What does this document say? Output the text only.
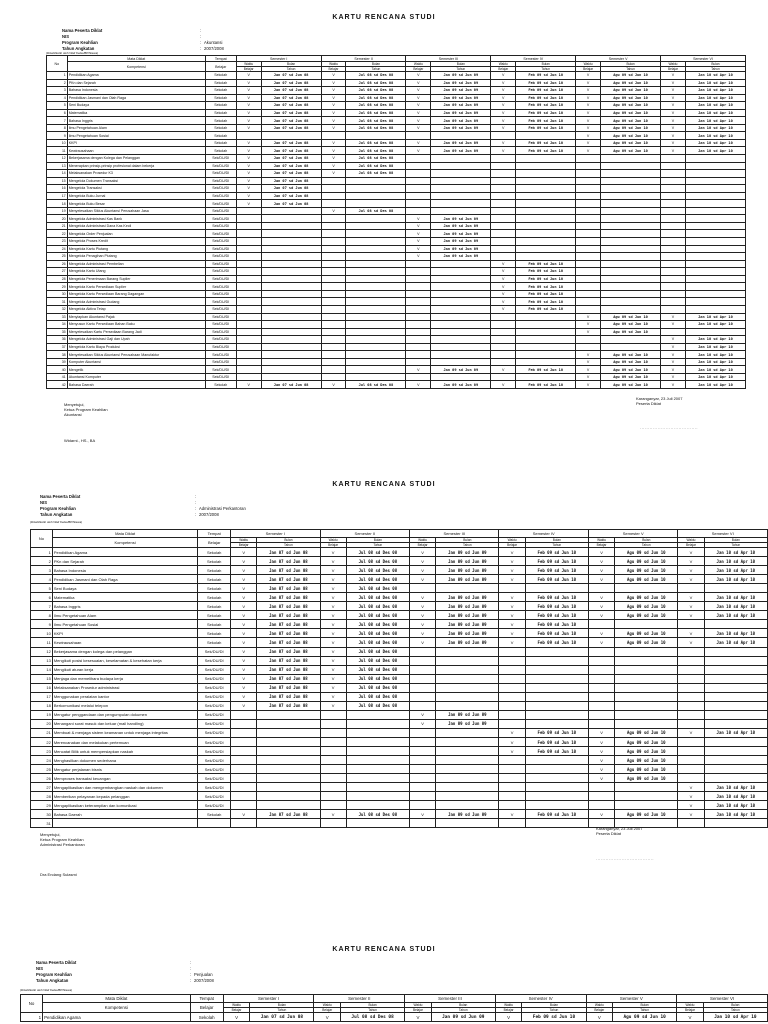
KARTU RENCANA STUDI
Nama Peserta Diklat	:
NIS	:
Program Keahlian	: Akuntansi
Tahun Angkatan	: 2007/2008
(Diisi/diketik oleh Wali Kelas/BP/Siswa)
No	Mata Diklat	Tempat	Semester I		Semester II		Semester III		Semester IV		Semester V		Semester VI	
	Kompetensi	Belajar	Waktu	Bulan	Waktu	Bulan	Waktu	Bulan	Waktu	Bulan	Waktu	Bulan	Waktu	Bulan
			Belajar	Tahun	Belajar	Tahun	Belajar	Tahun	Belajar	Tahun	Belajar	Tahun	Belajar	Tahun
1	Pendidikan Agama	Sekolah	V	Jan 07 sd Jun 08	V	Jul 08 sd Des 08	V	Jan 09 sd Jun 09	V	Feb 09 sd Jun 10	V	Agu 09 sd Jun 10	V	Jan 10 sd Apr 10
2	PKn dan Sejarah	Sekolah	V	Jan 07 sd Jun 08	V	Jul 08 sd Des 08	V	Jan 09 sd Jun 09	V	Feb 09 sd Jun 10	V	Agu 09 sd Jun 10	V	Jan 10 sd Apr 10
3	Bahasa Indonesia	Sekolah	V	Jan 07 sd Jun 08	V	Jul 08 sd Des 08	V	Jan 09 sd Jun 09	V	Feb 09 sd Jun 10	V	Agu 09 sd Jun 10	V	Jan 10 sd Apr 10
4	Pendidikan Jasmani dan Olah Raga	Sekolah	V	Jan 07 sd Jun 08	V	Jul 08 sd Des 08	V	Jan 09 sd Jun 09	V	Feb 09 sd Jun 10	V	Agu 09 sd Jun 10	V	Jan 10 sd Apr 10
5	Seni Budaya	Sekolah	V	Jan 07 sd Jun 08	V	Jul 08 sd Des 08	V	Jan 09 sd Jun 09	V	Feb 09 sd Jun 10	V	Agu 09 sd Jun 10	V	Jan 10 sd Apr 10
6	Matematika	Sekolah	V	Jan 07 sd Jun 08	V	Jul 08 sd Des 08	V	Jan 09 sd Jun 09	V	Feb 09 sd Jun 10	V	Agu 09 sd Jun 10	V	Jan 10 sd Apr 10
7	Bahasa Inggris	Sekolah	V	Jan 07 sd Jun 08	V	Jul 08 sd Des 08	V	Jan 09 sd Jun 09	V	Feb 09 sd Jun 10	V	Agu 09 sd Jun 10	V	Jan 10 sd Apr 10
8	Ilmu Pengetahuan Alam	Sekolah	V	Jan 07 sd Jun 08	V	Jul 08 sd Des 08	V	Jan 09 sd Jun 09	V	Feb 09 sd Jun 10	V	Agu 09 sd Jun 10	V	Jan 10 sd Apr 10
9	Ilmu Pengetahuan Sosial	Sekolah									V	Agu 09 sd Jun 10	V	Jan 10 sd Apr 10
10	KKPI	Sekolah	V	Jan 07 sd Jun 08	V	Jul 08 sd Des 08	V	Jan 09 sd Jun 09	V	Feb 09 sd Jun 10	V	Agu 09 sd Jun 10	V	Jan 10 sd Apr 10
11	Kewirausahaan	Sekolah	V	Jan 07 sd Jun 08	V	Jul 08 sd Des 08	V	Jan 09 sd Jun 09	V	Feb 09 sd Jun 10	V	Agu 09 sd Jun 10	V	Jan 10 sd Apr 10
12	Bekerjasama dengan Kolega dan Pelanggan	Sek/DU/DI	V	Jan 07 sd Jun 08	V	Jul 08 sd Des 08								
13	Menerapkan prinsip-prinsip profesional dalam bekerja	Sek/DU/DI	V	Jan 07 sd Jun 08	V	Jul 08 sd Des 08								
14	Melaksanakan Prosedur K3	Sek/DU/DI	V	Jan 07 sd Jun 08	V	Jul 08 sd Des 08								
15	Mengelola Dokumen Transaksi	Sek/DU/DI	V	Jan 07 sd Jun 08										
16	Mengelola Transaksi	Sek/DU/DI	V	Jan 07 sd Jun 08										
17	Mengelola Buku Jurnal	Sek/DU/DI	V	Jan 07 sd Jun 08										
18	Mengelola Buku Besar	Sek/DU/DI	V	Jan 07 sd Jun 08										
19	Menyelesaikan Siklus Akuntansi Perusahaan Jasa	Sek/DU/DI			V	Jul 08 sd Des 08								
20	Mengelola Administrasi Kas Bank	Sek/DU/DI					V	Jan 09 sd Jun 09						
21	Mengelola Administrasi Dana Kas Kecil	Sek/DU/DI					V	Jan 09 sd Jun 09						
22	Mengelola Order Penjualan	Sek/DU/DI					V	Jan 09 sd Jun 09						
23	Mengelola Proses Kredit	Sek/DU/DI					V	Jan 09 sd Jun 09						
24	Mengelola Kartu Piutang	Sek/DU/DI					V	Jan 09 sd Jun 09						
25	Mengelola Penagihan Piutang	Sek/DU/DI					V	Jan 09 sd Jun 09						
26	Mengelola Administrasi Pembelian	Sek/DU/DI							V	Feb 09 sd Jun 10				
27	Mengelola Kartu Utang	Sek/DU/DI							V	Feb 09 sd Jun 10				
28	Mengelola Penerimaan Barang Suplier	Sek/DU/DI							V	Feb 09 sd Jun 10				
29	Mengelola Kartu Persediaan Suplier	Sek/DU/DI							V	Feb 09 sd Jun 10				
30	Mengelola Kartu Persediaan Barang Dagangan	Sek/DU/DI							V	Feb 09 sd Jun 10				
31	Mengelola Administrasi Gudang	Sek/DU/DI							V	Feb 09 sd Jun 10				
32	Mengelola Aktiva Tetap	Sek/DU/DI							V	Feb 09 sd Jun 10				
33	Menyiapkan Akuntansi Pajak	Sek/DU/DI									V	Agu 09 sd Jun 10	V	Jan 10 sd Apr 10
34	Menyusun Kartu Persediaan Bahan Baku	Sek/DU/DI									V	Agu 09 sd Jun 10	V	Jan 10 sd Apr 10
35	Menyelesaikan Kartu Persediaan Barang Jadi	Sek/DU/DI									V	Agu 09 sd Jun 10		
36	Mengelola Administrasi Gaji dan Upah	Sek/DU/DI											V	Jan 10 sd Apr 10
37	Mengelola Kartu Biaya Produksi	Sek/DU/DI											V	Jan 10 sd Apr 10
38	Menyelesaikan Siklus Akuntansi Perusahaan Manufaktur	Sek/DU/DI									V	Agu 09 sd Jun 10	V	Jan 10 sd Apr 10
39	Komputer Akuntansi	Sek/DU/DI									V	Agu 09 sd Jun 10	V	Jan 10 sd Apr 10
40	Mengetik	Sek/DU/DI					V	Jan 09 sd Jun 09	V	Feb 09 sd Jun 10	V	Agu 09 sd Jun 10	V	Jan 10 sd Apr 10
41	Akuntansi Komputer	Sek/DU/DI									V	Agu 09 sd Jun 10	V	Jan 10 sd Apr 10
42	Bahasa Daerah	Sekolah	V	Jan 07 sd Jun 08	V	Jul 08 sd Des 08	V	Jan 09 sd Jun 09	V	Feb 09 sd Jun 10	V	Agu 09 sd Jun 10	V	Jan 10 sd Apr 10
Menyetujui,
Ketua Program Keahlian
Akuntansi
Widarni., HS., BA
Karanganyar, 23 Juli 2007
Peserta Diklat
....................................
KARTU RENCANA STUDI
Nama Peserta Diklat	:
NIS	:
Program Keahlian	: Administrasi Perkantoran
Tahun Angkatan	: 2007/2008
(Diisi/diketik oleh Wali Kelas/BP/Siswa)
No	Mata Diklat	Tempat	Semester I		Semester II		Semester III		Semester IV		Semester V		Semester VI	
	Kompetensi	Belajar	Waktu	Bulan	Waktu	Bulan	Waktu	Bulan	Waktu	Bulan	Waktu	Bulan	Waktu	Bulan
			Belajar	Tahun	Belajar	Tahun	Belajar	Tahun	Belajar	Tahun	Belajar	Tahun	Belajar	Tahun
1	Pendidikan Agama	Sekolah	V	Jan 07 sd Jun 08	V	Jul 08 sd Des 08	V	Jan 09 sd Jun 09	V	Feb 09 sd Jun 10	V	Agu 09 sd Jun 10	V	Jan 10 sd Apr 10
2	PKn dan Sejarah	Sekolah	V	Jan 07 sd Jun 08	V	Jul 08 sd Des 08	V	Jan 09 sd Jun 09	V	Feb 09 sd Jun 10	V	Agu 09 sd Jun 10	V	Jan 10 sd Apr 10
3	Bahasa Indonesia	Sekolah	V	Jan 07 sd Jun 08	V	Jul 08 sd Des 08	V	Jan 09 sd Jun 09	V	Feb 09 sd Jun 10	V	Agu 09 sd Jun 10	V	Jan 10 sd Apr 10
4	Pendidikan Jasmani dan Olah Raga	Sekolah	V	Jan 07 sd Jun 08	V	Jul 08 sd Des 08	V	Jan 09 sd Jun 09	V	Feb 09 sd Jun 10	V	Agu 09 sd Jun 10	V	Jan 10 sd Apr 10
5	Seni Budaya	Sekolah	V	Jan 07 sd Jun 08	V	Jul 08 sd Des 08								
6	Matematika	Sekolah	V	Jan 07 sd Jun 08	V	Jul 08 sd Des 08	V	Jan 09 sd Jun 09	V	Feb 09 sd Jun 10	V	Agu 09 sd Jun 10	V	Jan 10 sd Apr 10
7	Bahasa Inggris	Sekolah	V	Jan 07 sd Jun 08	V	Jul 08 sd Des 08	V	Jan 09 sd Jun 09	V	Feb 09 sd Jun 10	V	Agu 09 sd Jun 10	V	Jan 10 sd Apr 10
8	Ilmu Pengetahuan Alam	Sekolah	V	Jan 07 sd Jun 08	V	Jul 08 sd Des 08	V	Jan 09 sd Jun 09	V	Feb 09 sd Jun 10	V	Agu 09 sd Jun 10	V	Jan 10 sd Apr 10
9	Ilmu Pengetahuan Sosial	Sekolah	V	Jan 07 sd Jun 08	V	Jul 08 sd Des 08	V	Jan 09 sd Jun 09	V	Feb 09 sd Jun 10				
10	KKPI	Sekolah	V	Jan 07 sd Jun 08	V	Jul 08 sd Des 08	V	Jan 09 sd Jun 09	V	Feb 09 sd Jun 10	V	Agu 09 sd Jun 10	V	Jan 10 sd Apr 10
11	Kewirausahaan	Sekolah	V	Jan 07 sd Jun 08	V	Jul 08 sd Des 08	V	Jan 09 sd Jun 09	V	Feb 09 sd Jun 10	V	Agu 09 sd Jun 10	V	Jan 10 sd Apr 10
12	Bekerjasama dengan kolega dan pelanggan	Sek/DU/DI	V	Jan 07 sd Jun 08	V	Jul 08 sd Des 08								
13	Mengikuti posisi kesesuaian, keselamatan & kesehatan kerja	Sek/DU/DI	V	Jan 07 sd Jun 08	V	Jul 08 sd Des 08								
14	Mengikuti aturan kerja	Sek/DU/DI	V	Jan 07 sd Jun 08	V	Jul 08 sd Des 08								
15	Menjaga dan memelihara budaya kerja	Sek/DU/DI	V	Jan 07 sd Jun 08	V	Jul 08 sd Des 08								
16	Melaksanakan Prosedur administrasi	Sek/DU/DI	V	Jan 07 sd Jun 08	V	Jul 08 sd Des 08								
17	Menggunakan peralatan kantor	Sek/DU/DI	V	Jan 07 sd Jun 08	V	Jul 08 sd Des 08								
18	Berkomunikasi melalui telepon	Sek/DU/DI	V	Jan 07 sd Jun 08	V	Jul 08 sd Des 08								
19	Mengatur penggandaan dan pengumpulan dokumen	Sek/DU/DI					V	Jan 09 sd Jun 09						
20	Menangani surat masuk dan keluar (mail handling)	Sek/DU/DI					V	Jan 09 sd Jun 09						
21	Membuat & menjaga sistem keamanan untuk menjaga integritas	Sek/DU/DI							V	Feb 09 sd Jun 10	V	Agu 09 sd Jun 10	V	Jan 10 sd Apr 10
22	Merencanakan dan melakukan pertemuan	Sek/DU/DI							V	Feb 09 sd Jun 10	V	Agu 09 sd Jun 10		
23	Mencatat Bilik untuk mempersiapkan naskah	Sek/DU/DI							V	Feb 09 sd Jun 10	V	Agu 09 sd Jun 10		
24	Menghasilkan dokumen sederhana	Sek/DU/DI									V	Agu 09 sd Jun 10		
25	Mengatur perjalanan bisnis	Sek/DU/DI									V	Agu 09 sd Jun 10		
26	Memproses transaksi keuangan	Sek/DU/DI									V	Agu 09 sd Jun 10		
27	Mengaplikasikan dan mengembangkan naskah dan dokumen	Sek/DU/DI											V	Jan 10 sd Apr 10
28	Memberikan pelayanan kepada pelanggan	Sek/DU/DI											V	Jan 10 sd Apr 10
29	Mengaplikasikan keterampilan dan komunikasi	Sek/DU/DI											V	Jan 10 sd Apr 10
30	Bahasa Daerah	Sekolah	V	Jan 07 sd Jun 08	V	Jul 08 sd Des 08	V	Jan 09 sd Jun 09	V	Feb 09 sd Jun 10	V	Agu 09 sd Jun 10	V	Jan 10 sd Apr 10
31														
Menyetujui,
Ketua Program Keahlian
Administrasi Perkantoran
Dra Endang Sulasmi
Karanganyar, 23 Juli 2007
Peserta Diklat
....................................
KARTU RENCANA STUDI
Nama Peserta Diklat	:
NIS	:
Program Keahlian	: Penjualan
Tahun Angkatan	: 2007/2008
(Diisi/diketik oleh Wali Kelas/BP/Siswa)
No	Mata Diklat	Tempat	Semester I		Semester II		Semester III		Semester IV		Semester V		Semester VI	
	Kompetensi	Belajar	Waktu	Bulan	Waktu	Bulan	Waktu	Bulan	Waktu	Bulan	Waktu	Bulan	Waktu	Bulan
			Belajar	Tahun	Belajar	Tahun	Belajar	Tahun	Belajar	Tahun	Belajar	Tahun	Belajar	Tahun
1	Pendidikan Agama	Sekolah	V	Jan 07 sd Jun 08	V	Jul 08 sd Des 08	V	Jan 09 sd Jun 09	V	Feb 09 sd Jun 10	V	Agu 09 sd Jun 10	V	Jan 10 sd Apr 10
